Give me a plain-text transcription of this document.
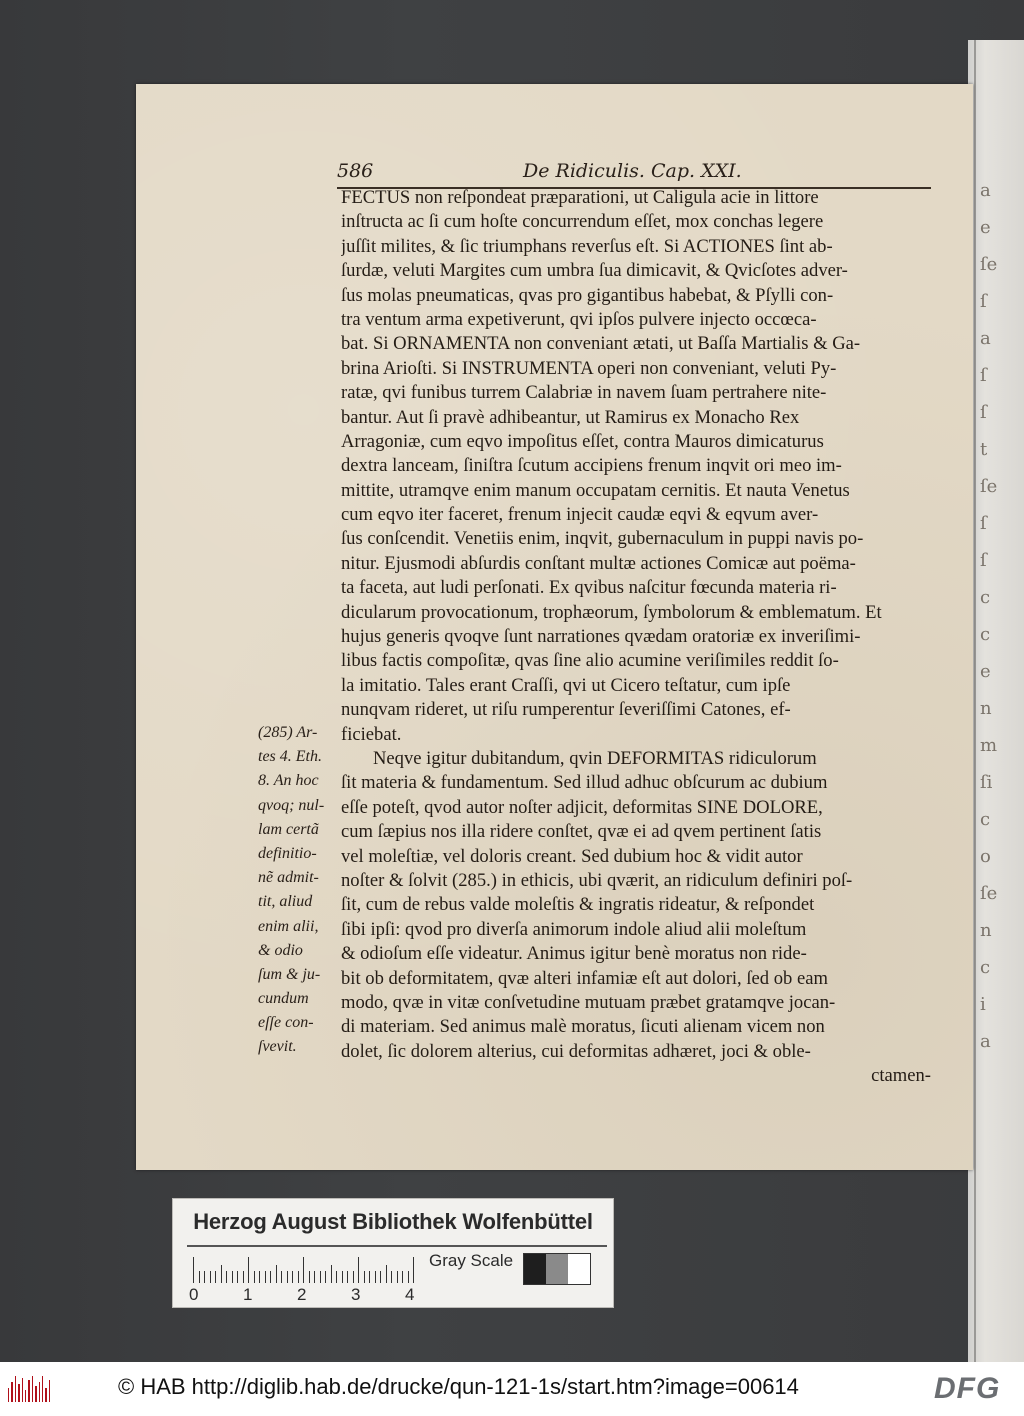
a
e
ſe
ſ
a
ſ
ſ
t
ſe
ſ
ſ
c
c
e
n
m
ſi
c
o
ſe
n
c
i
a
586	De Ridiculis. Cap. XXI.
FECTUS non reſpondeat præparationi, ut Caligula acie in littore
inſtructa ac ſi cum hoſte concurrendum eſſet, mox conchas legere
juſſit milites, & ſic triumphans reverſus eſt. Si ACTIONES ſint ab-
ſurdæ, veluti Margites cum umbra ſua dimicavit, & Qvicſotes adver-
ſus molas pneumaticas, qvas pro gigantibus habebat, & Pſylli con-
tra ventum arma expetiverunt, qvi ipſos pulvere injecto occœca-
bat. Si ORNAMENTA non conveniant ætati, ut Baſſa Martialis & Ga-
brina Arioſti. Si INSTRUMENTA operi non conveniant, veluti Py-
ratæ, qvi funibus turrem Calabriæ in navem ſuam pertrahere nite-
bantur. Aut ſi pravè adhibeantur, ut Ramirus ex Monacho Rex
Arragoniæ, cum eqvo impoſitus eſſet, contra Mauros dimicaturus
dextra lanceam, ſiniſtra ſcutum accipiens frenum inqvit ori meo im-
mittite, utramqve enim manum occupatam cernitis. Et nauta Venetus
cum eqvo iter faceret, frenum injecit caudæ eqvi & eqvum aver-
ſus conſcendit. Venetiis enim, inqvit, gubernaculum in puppi navis po-
nitur. Ejusmodi abſurdis conſtant multæ actiones Comicæ aut poëma-
ta faceta, aut ludi perſonati. Ex qvibus naſcitur fœcunda materia ri-
dicularum provocationum, trophæorum, ſymbolorum & emblematum. Et
hujus generis qvoqve ſunt narrationes qvædam oratoriæ ex inveriſimi-
libus factis compoſitæ, qvas ſine alio acumine veriſimiles reddit ſo-
la imitatio. Tales erant Craſſi, qvi ut Cicero teſtatur, cum ipſe
nunqvam rideret, ut riſu rumperentur ſeveriſſimi Catones, ef-
ficiebat.
Neqve igitur dubitandum, qvin DEFORMITAS ridiculorum
ſit materia & fundamentum. Sed illud adhuc obſcurum ac dubium
eſſe poteſt, qvod autor noſter adjicit, deformitas SINE DOLORE,
cum ſæpius nos illa ridere conſtet, qvæ ei ad qvem pertinent ſatis
vel moleſtiæ, vel doloris creant. Sed dubium hoc & vidit autor
noſter & ſolvit (285.) in ethicis, ubi qværit, an ridiculum definiri poſ-
ſit, cum de rebus valde moleſtis & ingratis rideatur, & reſpondet
ſibi ipſi: qvod pro diverſa animorum indole aliud alii moleſtum
& odioſum eſſe videatur. Animus igitur benè moratus non ride-
bit ob deformitatem, qvæ alteri infamiæ eſt aut dolori, ſed ob eam
modo, qvæ in vitæ conſvetudine mutuam præbet gratamqve jocan-
di materiam. Sed animus malè moratus, ſicuti alienam vicem non
dolet, ſic dolorem alterius, cui deformitas adhæret, joci & oble-
ctamen-
(285) Ar-
tes 4. Eth.
8. An hoc
qvoq; nul-
lam certã
definitio-
nẽ admit-
tit, aliud
enim alii,
& odio
ſum & ju-
cundum
eſſe con-
ſvevit.
Herzog August Bibliothek Wolfenbüttel
0	1	2	3	4
Gray Scale
© HAB http://diglib.hab.de/drucke/qun-121-1s/start.htm?image=00614	DFG
